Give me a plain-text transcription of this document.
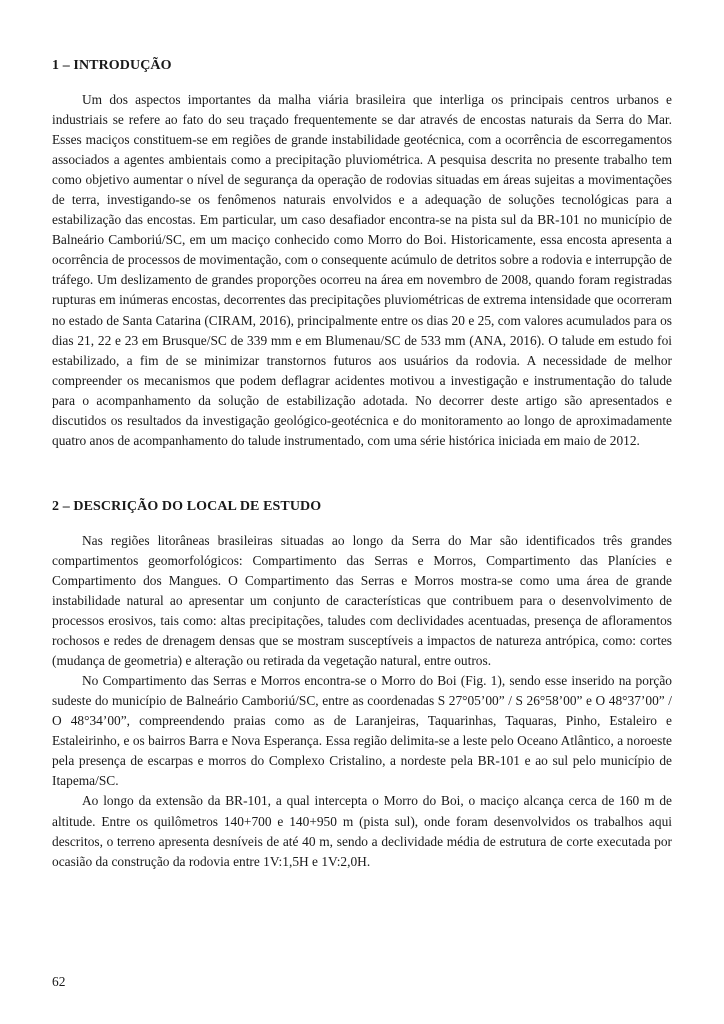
1 – INTRODUÇÃO

Um dos aspectos importantes da malha viária brasileira que interliga os principais centros urbanos e industriais se refere ao fato do seu traçado frequentemente se dar através de encostas naturais da Serra do Mar. Esses maciços constituem-se em regiões de grande instabilidade geotécnica, com a ocorrência de escorregamentos associados a agentes ambientais como a precipitação pluviométrica. A pesquisa descrita no presente trabalho tem como objetivo aumentar o nível de segurança da operação de rodovias situadas em áreas sujeitas a movimentações de terra, investigando-se os fenômenos naturais envolvidos e a adequação de soluções tecnológicas para a estabilização das encostas. Em particular, um caso desafiador encontra-se na pista sul da BR-101 no município de Balneário Camboriú/SC, em um maciço conhecido como Morro do Boi. Historicamente, essa encosta apresenta a ocorrência de processos de movimentação, com o consequente acúmulo de detritos sobre a rodovia e interrupção de tráfego. Um deslizamento de grandes proporções ocorreu na área em novembro de 2008, quando foram registradas rupturas em inúmeras encostas, decorrentes das precipitações pluviométricas de extrema intensidade que ocorreram no estado de Santa Catarina (CIRAM, 2016), principalmente entre os dias 20 e 25, com valores acumulados para os dias 21, 22 e 23 em Brusque/SC de 339 mm e em Blumenau/SC de 533 mm (ANA, 2016). O talude em estudo foi estabilizado, a fim de se minimizar transtornos futuros aos usuários da rodovia. A necessidade de melhor compreender os mecanismos que podem deflagrar acidentes motivou a investigação e instrumentação do talude para o acompanhamento da solução de estabilização adotada. No decorrer deste artigo são apresentados e discutidos os resultados da investigação geológico-geotécnica e do monitoramento ao longo de aproximadamente quatro anos de acompanhamento do talude instrumentado, com uma série histórica iniciada em maio de 2012.

2 – DESCRIÇÃO DO LOCAL DE ESTUDO

Nas regiões litorâneas brasileiras situadas ao longo da Serra do Mar são identificados três grandes compartimentos geomorfológicos: Compartimento das Serras e Morros, Compartimento das Planícies e Compartimento dos Mangues. O Compartimento das Serras e Morros mostra-se como uma área de grande instabilidade natural ao apresentar um conjunto de características que contribuem para o desenvolvimento de processos erosivos, tais como: altas precipitações, taludes com declividades acentuadas, presença de afloramentos rochosos e redes de drenagem densas que se mostram susceptíveis a impactos de natureza antrópica, como: cortes (mudança de geometria) e alteração ou retirada da vegetação natural, entre outros.

No Compartimento das Serras e Morros encontra-se o Morro do Boi (Fig. 1), sendo esse inserido na porção sudeste do município de Balneário Camboriú/SC, entre as coordenadas S 27°05’00” / S 26°58’00” e O 48°37’00” / O 48°34’00”, compreendendo praias como as de Laranjeiras, Taquarinhas, Taquaras, Pinho, Estaleiro e Estaleirinho, e os bairros Barra e Nova Esperança. Essa região delimita-se a leste pelo Oceano Atlântico, a noroeste pela presença de escarpas e morros do Complexo Cristalino, a nordeste pela BR-101 e ao sul pelo município de Itapema/SC.

Ao longo da extensão da BR-101, a qual intercepta o Morro do Boi, o maciço alcança cerca de 160 m de altitude. Entre os quilômetros 140+700 e 140+950 m (pista sul), onde foram desenvolvidos os trabalhos aqui descritos, o terreno apresenta desníveis de até 40 m, sendo a declividade média de estrutura de corte executada por ocasião da construção da rodovia entre 1V:1,5H e 1V:2,0H.

62
